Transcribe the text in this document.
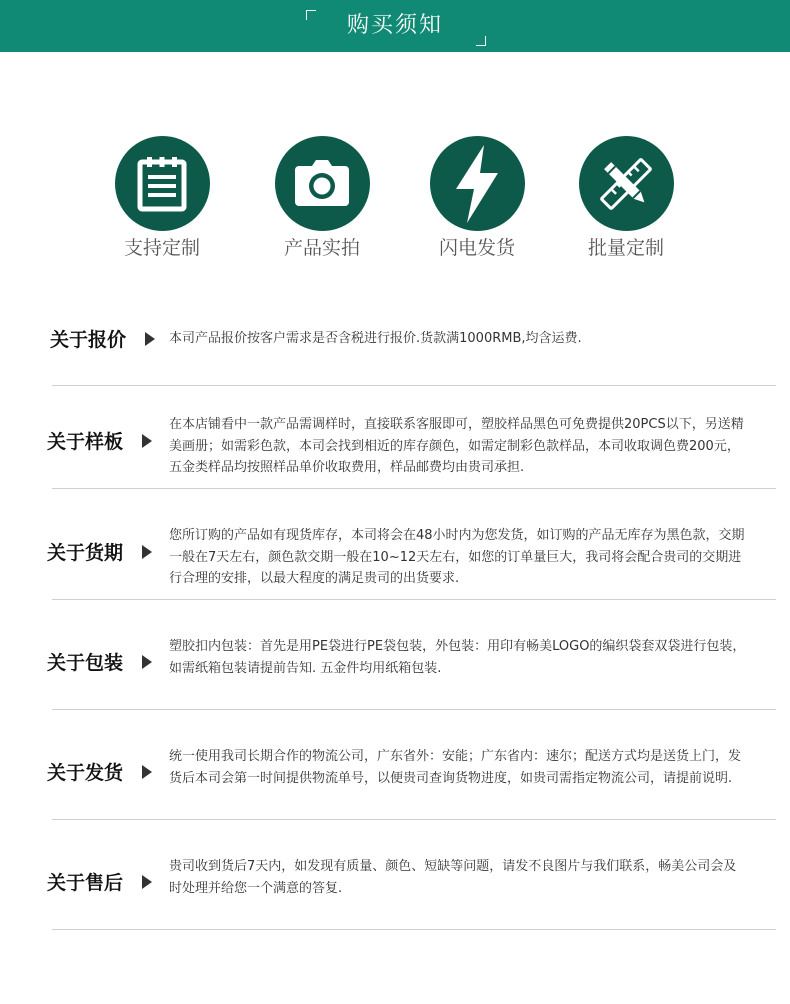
购买须知
支持定制	产品实拍	闪电发货	批量定制
关于报价	本司产品报价按客户需求是否含税进行报价.货款满1000RMB,均含运费.
关于样板
在本店铺看中一款产品需调样时，直接联系客服即可，塑胶样品黑色可免费提供20PCS以下，另送精美画册；如需彩色款，本司会找到相近的库存颜色，如需定制彩色款样品，本司收取调色费200元，五金类样品均按照样品单价收取费用，样品邮费均由贵司承担.
关于货期
您所订购的产品如有现货库存，本司将会在48小时内为您发货，如订购的产品无库存为黑色款，交期一般在7天左右，颜色款交期一般在10~12天左右，如您的订单量巨大，我司将会配合贵司的交期进行合理的安排，以最大程度的满足贵司的出货要求.
关于包装
塑胶扣内包装：首先是用PE袋进行PE袋包装，外包装：用印有畅美LOGO的编织袋套双袋进行包装，如需纸箱包装请提前告知. 五金件均用纸箱包装.
关于发货
统一使用我司长期合作的物流公司，广东省外：安能；广东省内：速尔；配送方式均是送货上门，发货后本司会第一时间提供物流单号，以便贵司查询货物进度，如贵司需指定物流公司，请提前说明.
关于售后
贵司收到货后7天内，如发现有质量、颜色、短缺等问题，请发不良图片与我们联系，畅美公司会及时处理并给您一个满意的答复.
